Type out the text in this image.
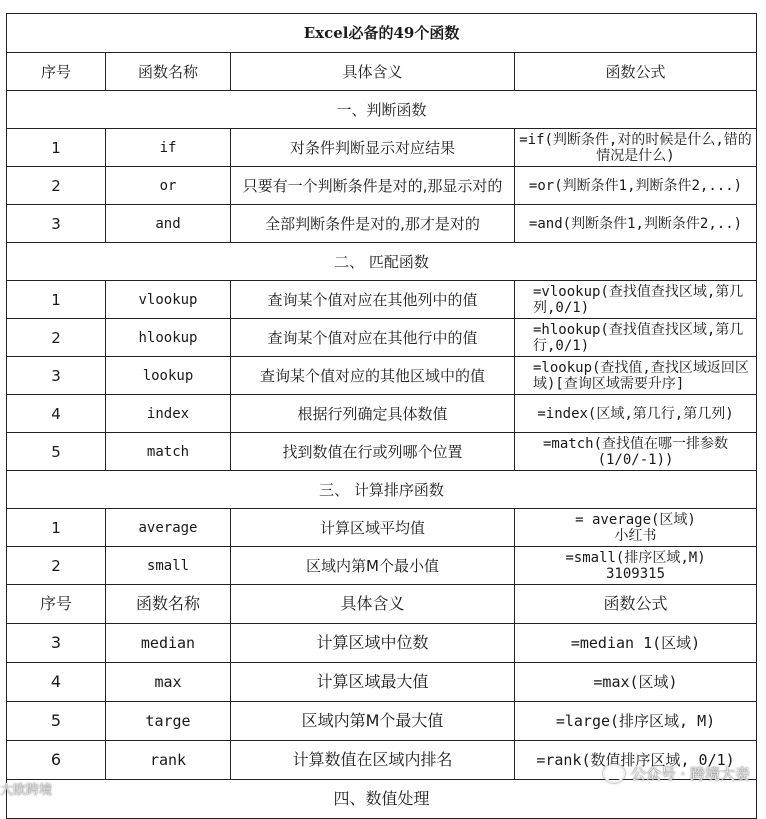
Excel必备的49个函数			
序号	函数名称	具体含义	函数公式
一、判断函数			
1	if	对条件判断显示对应结果	=if(判断条件,对的时候是什么,错的情况是什么)
2	or	只要有一个判断条件是对的,那显示对的	=or(判断条件1,判断条件2,...)
3	and	全部判断条件是对的,那才是对的	=and(判断条件1,判断条件2,..)
二、 匹配函数			
1	vlookup	查询某个值对应在其他列中的值	=vlookup(查找值查找区域,第几列,0/1)
2	hlookup	查询某个值对应在其他行中的值	=hlookup(查找值查找区域,第几行,0/1)
3	lookup	查询某个值对应的其他区域中的值	=lookup(查找值,查找区域返回区域)[查询区域需要升序]
4	index	根据行列确定具体数值	=index(区域,第几行,第几列)
5	match	找到数值在行或列哪个位置	=match(查找值在哪一排参数(1/0/-1))
三、 计算排序函数			
1	average	计算区域平均值	= average(区域)
小红书

2	small	区域内第M个最小值	=small(排序区域,M)
3109315

序号	函数名称	具体含义	函数公式
3	median	计算区域中位数	=median 1(区域)
4	max	计算区域最大值	=max(区域)
5	targe	区域内第M个最大值	=large(排序区域, M)
6	rank	计算数值在区域内排名	=rank(数值排序区域, 0/1)
四、数值处理			
大欧跨境
公众号 · 跨境大妾
